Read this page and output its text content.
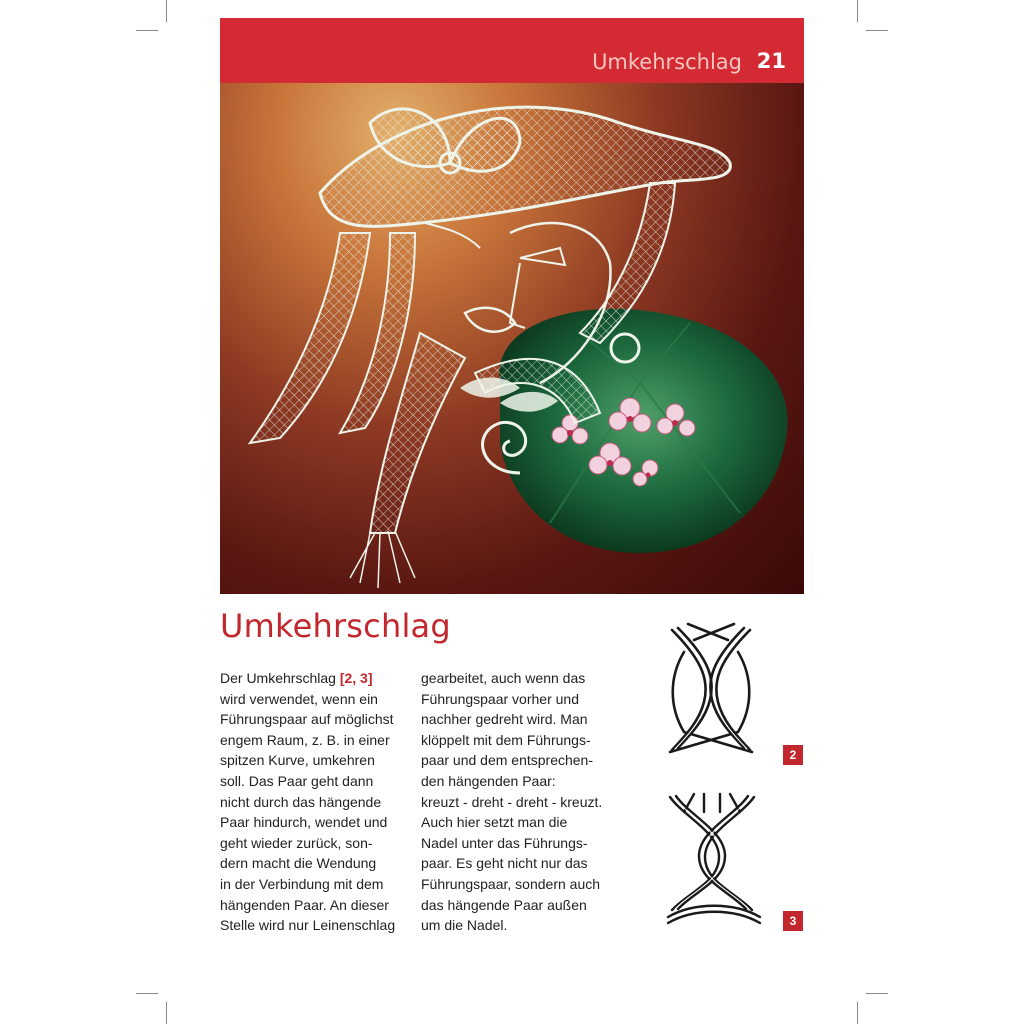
Umkehrschlag 21
Umkehrschlag
Der Umkehrschlag [2, 3]
wird verwendet, wenn ein
Führungspaar auf möglichst
engem Raum, z. B. in einer
spitzen Kurve, umkehren
soll. Das Paar geht dann
nicht durch das hängende
Paar hindurch, wendet und
geht wieder zurück, son-
dern macht die Wendung
in der Verbindung mit dem
hängenden Paar. An dieser
Stelle wird nur Leinenschlag
gearbeitet, auch wenn das
Führungspaar vorher und
nachher gedreht wird. Man
klöppelt mit dem Führungs-
paar und dem entsprechen-
den hängenden Paar:
kreuzt - dreht - dreht - kreuzt.
Auch hier setzt man die
Nadel unter das Führungs-
paar. Es geht nicht nur das
Führungspaar, sondern auch
das hängende Paar außen
um die Nadel.
2
3
